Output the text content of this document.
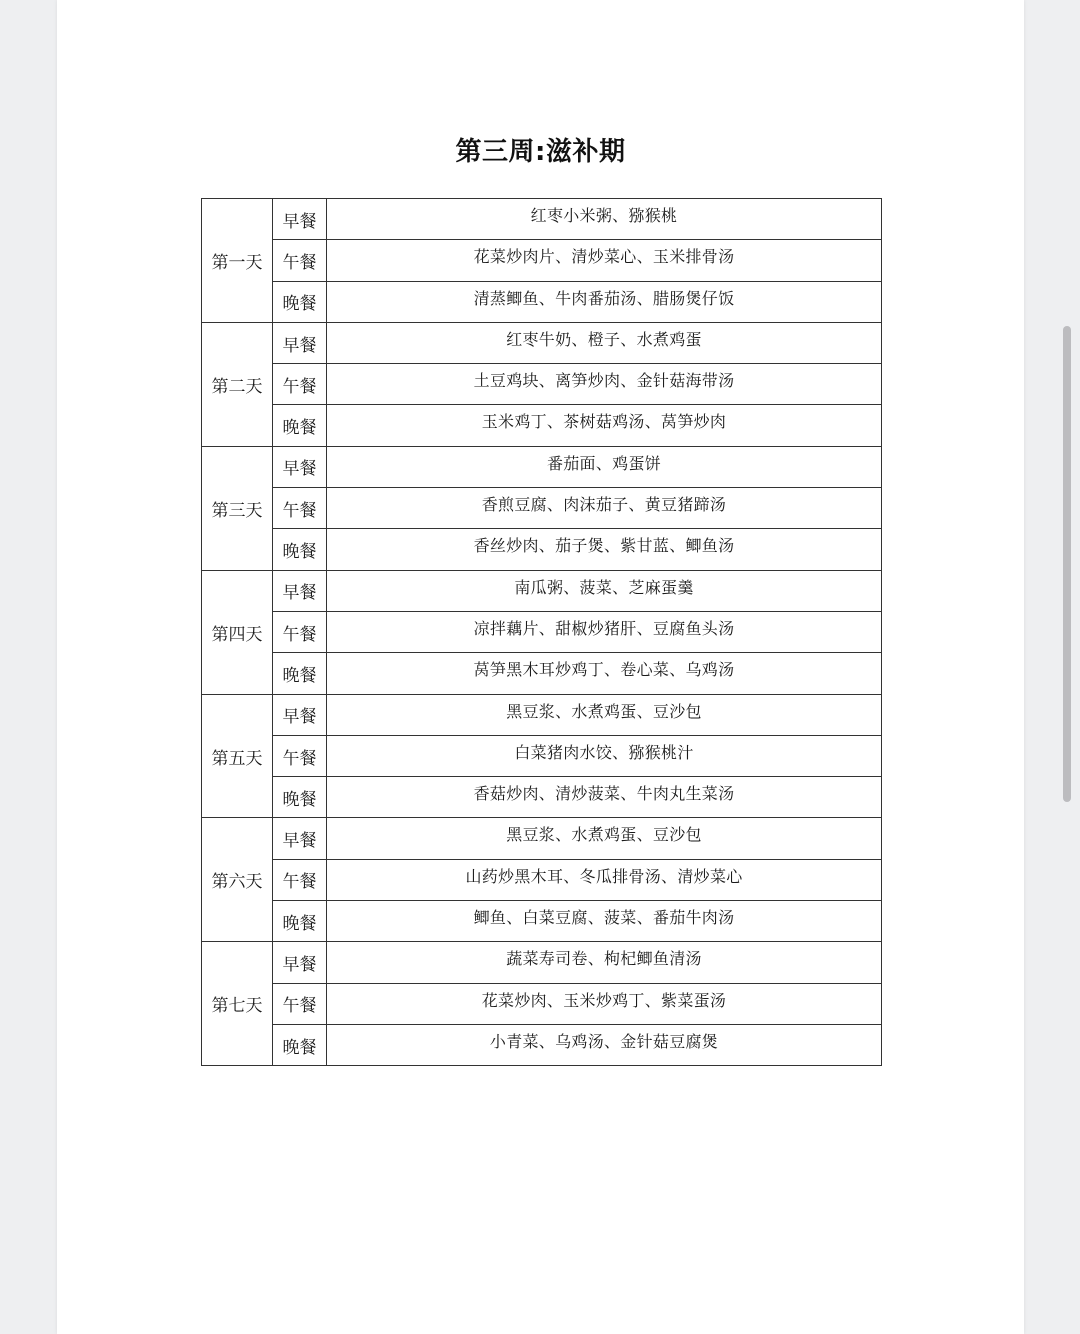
第三周:滋补期
第一天	早餐	红枣小米粥、猕猴桃
	午餐	花菜炒肉片、清炒菜心、玉米排骨汤
	晚餐	清蒸鲫鱼、牛肉番茄汤、腊肠煲仔饭
第二天	早餐	红枣牛奶、橙子、水煮鸡蛋
	午餐	土豆鸡块、离笋炒肉、金针菇海带汤
	晚餐	玉米鸡丁、茶树菇鸡汤、莴笋炒肉
第三天	早餐	番茄面、鸡蛋饼
	午餐	香煎豆腐、肉沫茄子、黄豆猪蹄汤
	晚餐	香丝炒肉、茄子煲、紫甘蓝、鲫鱼汤
第四天	早餐	南瓜粥、菠菜、芝麻蛋羹
	午餐	凉拌藕片、甜椒炒猪肝、豆腐鱼头汤
	晚餐	莴笋黑木耳炒鸡丁、卷心菜、乌鸡汤
第五天	早餐	黑豆浆、水煮鸡蛋、豆沙包
	午餐	白菜猪肉水饺、猕猴桃汁
	晚餐	香菇炒肉、清炒菠菜、牛肉丸生菜汤
第六天	早餐	黑豆浆、水煮鸡蛋、豆沙包
	午餐	山药炒黑木耳、冬瓜排骨汤、清炒菜心
	晚餐	鲫鱼、白菜豆腐、菠菜、番茄牛肉汤
第七天	早餐	蔬菜寿司卷、枸杞鲫鱼清汤
	午餐	花菜炒肉、玉米炒鸡丁、紫菜蛋汤
	晚餐	小青菜、乌鸡汤、金针菇豆腐煲
